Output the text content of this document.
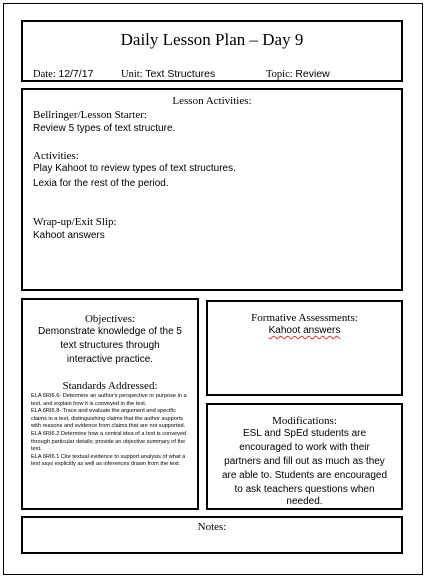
Daily Lesson Plan – Day 9
Date: 12/7/17	Unit: Text Structures	Topic: Review
Lesson Activities:
Bellringer/Lesson Starter:
Review 5 types of text structure.
Activities:
Play Kahoot to review types of text structures.
Lexia for the rest of the period.
Wrap-up/Exit Slip:
Kahoot answers
Objectives:
Demonstrate knowledge of the 5
text structures through
interactive practice.
Standards Addressed:

ELA 6RI6.6- Determine an author's perspective or purpose in a text, and explain how it is conveyed in the text.

ELA 6RI6.8- Trace and evaluate the argument and specific claims in a text, distinguishing claims that the author supports with reasons and evidence from claims that are not supported.

ELA 6RI6.2 Determine how a central idea of a text is conveyed through particular details; provide an objective summary of the text.

ELA 6RI6.1 Cite textual evidence to support analysis of what a text says explicitly as well as inferences drawn from the text.

Formative Assessments:
Kahoot answers
Modifications:
ESL and SpEd students are
encouraged to work with their
partners and fill out as much as they
are able to. Students are encouraged
to ask teachers questions when
needed.
Notes:
